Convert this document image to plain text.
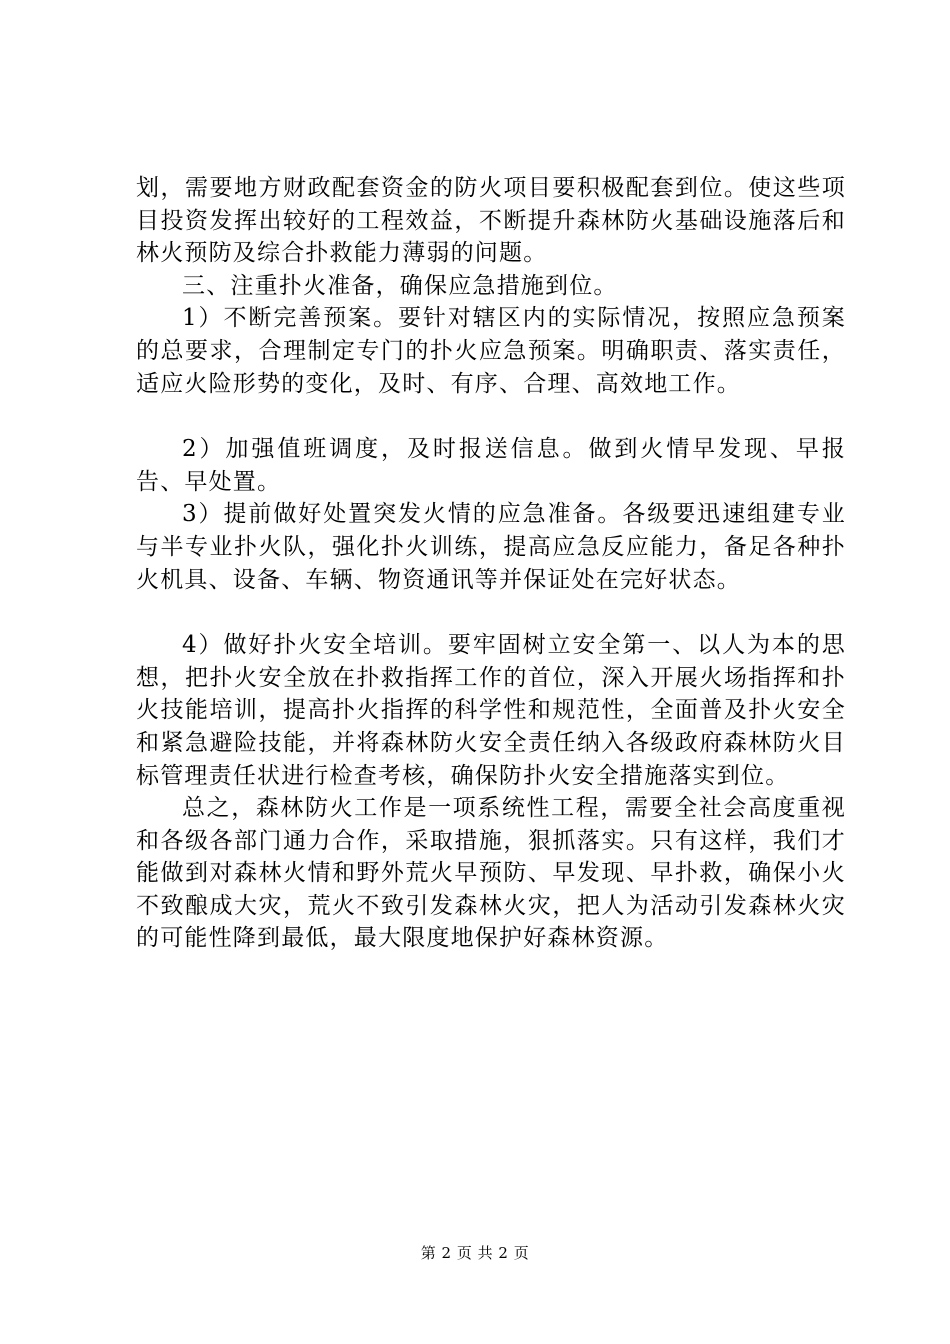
划，需要地方财政配套资金的防火项目要积极配套到位。使这些项目投资发挥出较好的工程效益，不断提升森林防火基础设施落后和林火预防及综合扑救能力薄弱的问题。

三、注重扑火准备，确保应急措施到位。

1）不断完善预案。要针对辖区内的实际情况，按照应急预案的总要求，合理制定专门的扑火应急预案。明确职责、落实责任，适应火险形势的变化，及时、有序、合理、高效地工作。

2）加强值班调度，及时报送信息。做到火情早发现、早报告、早处置。

3）提前做好处置突发火情的应急准备。各级要迅速组建专业与半专业扑火队，强化扑火训练，提高应急反应能力，备足各种扑火机具、设备、车辆、物资通讯等并保证处在完好状态。

4）做好扑火安全培训。要牢固树立安全第一、以人为本的思想，把扑火安全放在扑救指挥工作的首位，深入开展火场指挥和扑火技能培训，提高扑火指挥的科学性和规范性，全面普及扑火安全和紧急避险技能，并将森林防火安全责任纳入各级政府森林防火目标管理责任状进行检查考核，确保防扑火安全措施落实到位。

总之，森林防火工作是一项系统性工程，需要全社会高度重视和各级各部门通力合作，采取措施，狠抓落实。只有这样，我们才能做到对森林火情和野外荒火早预防、早发现、早扑救，确保小火不致酿成大灾，荒火不致引发森林火灾，把人为活动引发森林火灾的可能性降到最低，最大限度地保护好森林资源。

第 2 页 共 2 页
